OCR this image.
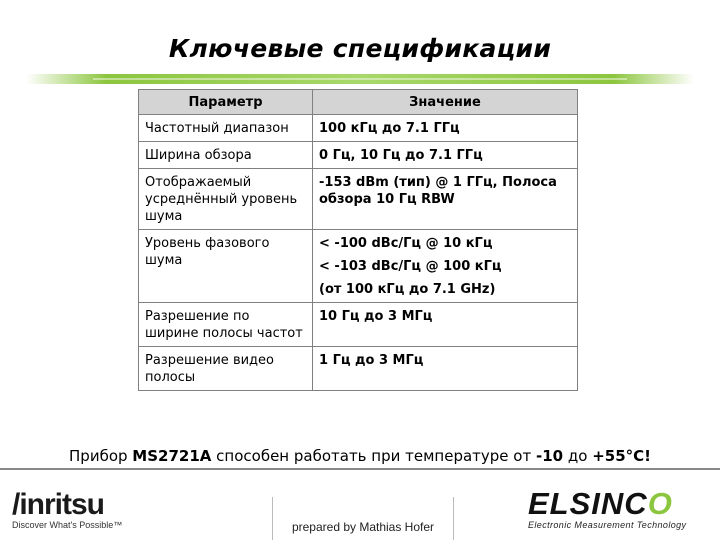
Ключевые спецификации
Параметр	Значение
Частотный диапазон	100 кГц до 7.1 ГГц

Ширина обзора	0 Гц, 10 Гц до 7.1 ГГц

Отображаемый усреднённый уровень шума	-153 dBm (тип) @ 1 ГГц, Полоса обзора 10 Гц RBW

Уровень фазового шума	< -100 dBc/Гц @ 10 кГц
< -103 dBc/Гц @ 100 кГц
(от 100 кГц до 7.1 GHz)

Разрешение по ширине полосы частот	10 Гц до 3 МГц

Разрешение видео полосы	1 Гц до 3 МГц
Прибор MS2721A способен работать при температуре от -10 до +55°C!
/inritsu
Discover What's Possible™	prepared by Mathias Hofer
ELSINCO
Electronic Measurement Technology
